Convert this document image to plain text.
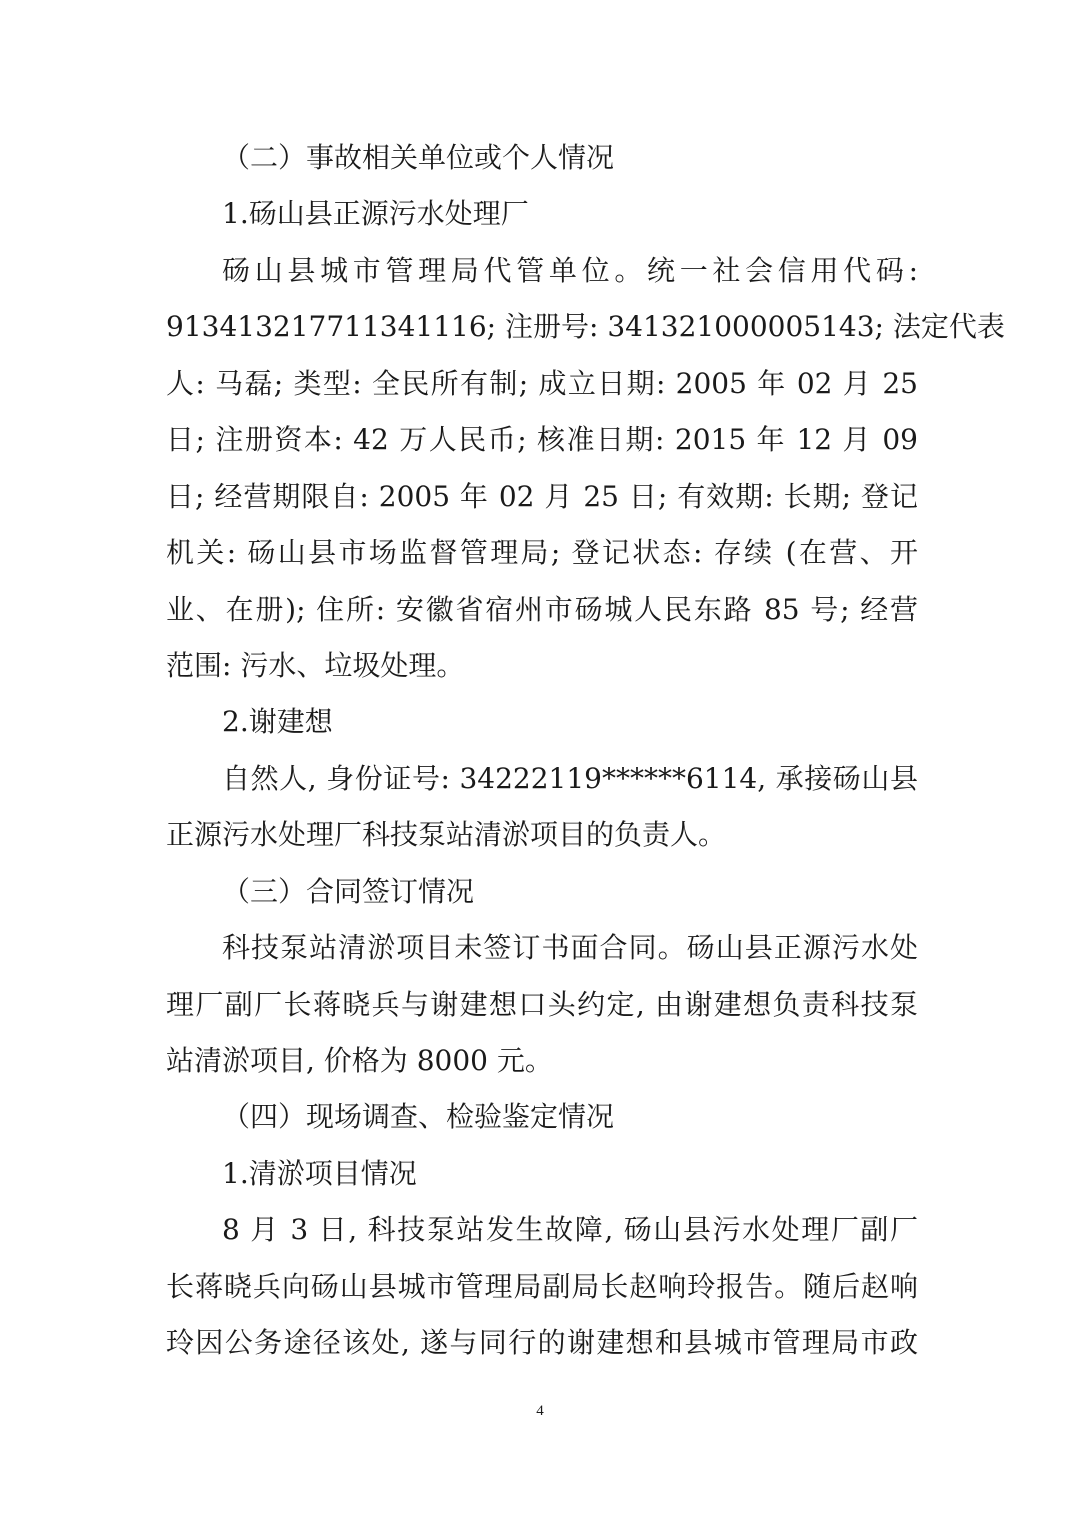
（二）事故相关单位或个人情况
1.砀山县正源污水处理厂
砀山县城市管理局代管单位。统一社会信用代码:
913413217711341116; 注册号: 341321000005143; 法定代表
人: 马磊; 类型: 全民所有制; 成立日期: 2005 年 02 月 25
日; 注册资本: 42 万人民币; 核准日期: 2015 年 12 月 09
日; 经营期限自: 2005 年 02 月 25 日; 有效期: 长期; 登记
机关: 砀山县市场监督管理局; 登记状态: 存续 (在营、开
业、在册); 住所: 安徽省宿州市砀城人民东路 85 号; 经营
范围: 污水、垃圾处理。
2.谢建想
自然人, 身份证号: 34222119******6114, 承接砀山县
正源污水处理厂科技泵站清淤项目的负责人。
（三）合同签订情况
科技泵站清淤项目未签订书面合同。砀山县正源污水处
理厂副厂长蒋晓兵与谢建想口头约定, 由谢建想负责科技泵
站清淤项目, 价格为 8000 元。
（四）现场调查、检验鉴定情况
1.清淤项目情况
8 月 3 日, 科技泵站发生故障, 砀山县污水处理厂副厂
长蒋晓兵向砀山县城市管理局副局长赵响玲报告。随后赵响
玲因公务途径该处, 遂与同行的谢建想和县城市管理局市政
4
